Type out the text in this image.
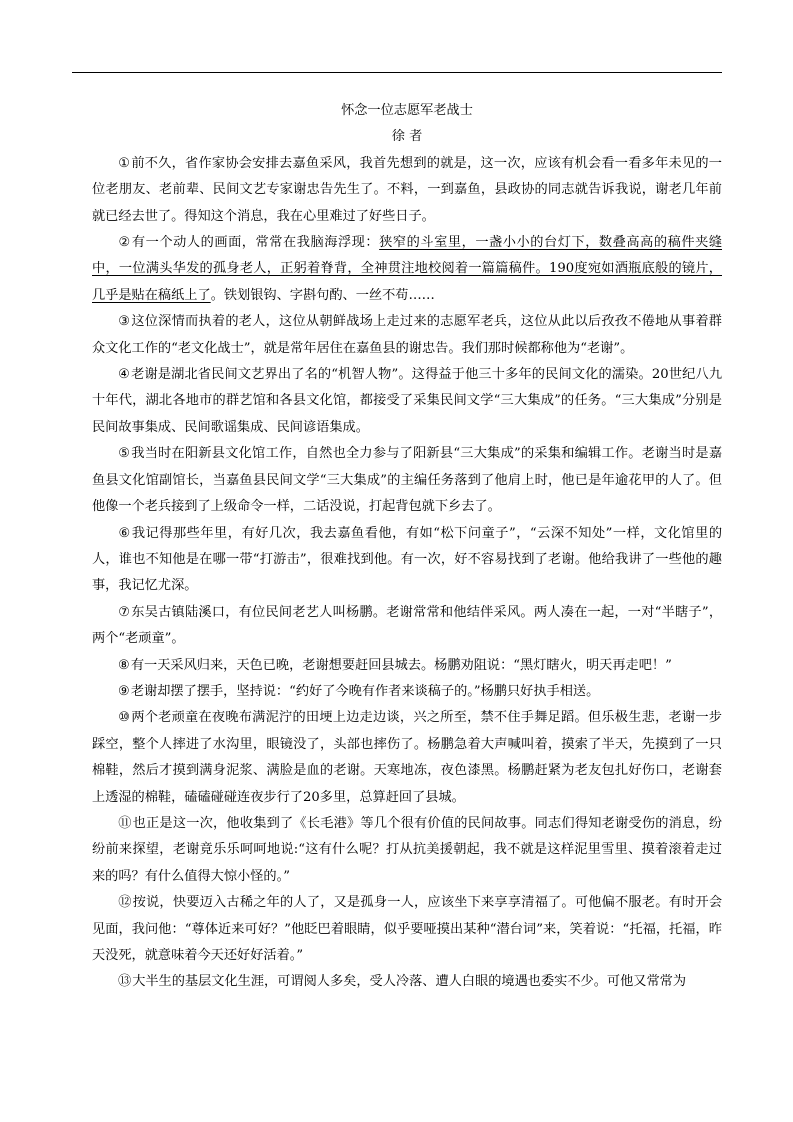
怀念一位志愿军老战士
徐 者
①前不久，省作家协会安排去嘉鱼采风，我首先想到的就是，这一次，应该有机会看一看多年未见的一位老朋友、老前辈、民间文艺专家谢忠告先生了。不料，一到嘉鱼，县政协的同志就告诉我说，谢老几年前就已经去世了。得知这个消息，我在心里难过了好些日子。
②有一个动人的画面，常常在我脑海浮现：狭窄的斗室里，一盏小小的台灯下，数叠高高的稿件夹缝中，一位满头华发的孤身老人，正躬着脊背，全神贯注地校阅着一篇篇稿件。190度宛如酒瓶底般的镜片，几乎是贴在稿纸上了。铁划银钩、字斟句酌、一丝不苟……
③这位深情而执着的老人，这位从朝鲜战场上走过来的志愿军老兵，这位从此以后孜孜不倦地从事着群众文化工作的“老文化战士”，就是常年居住在嘉鱼县的谢忠告。我们那时候都称他为“老谢”。
④老谢是湖北省民间文艺界出了名的“机智人物”。这得益于他三十多年的民间文化的濡染。20世纪八九十年代，湖北各地市的群艺馆和各县文化馆，都接受了采集民间文学“三大集成”的任务。“三大集成”分别是民间故事集成、民间歌谣集成、民间谚语集成。
⑤我当时在阳新县文化馆工作，自然也全力参与了阳新县“三大集成”的采集和编辑工作。老谢当时是嘉鱼县文化馆副馆长，当嘉鱼县民间文学“三大集成”的主编任务落到了他肩上时，他已是年逾花甲的人了。但他像一个老兵接到了上级命令一样，二话没说，打起背包就下乡去了。
⑥我记得那些年里，有好几次，我去嘉鱼看他，有如“松下问童子”，“云深不知处”一样，文化馆里的人，谁也不知他是在哪一带“打游击”，很难找到他。有一次，好不容易找到了老谢。他给我讲了一些他的趣事，我记忆尤深。
⑦东吴古镇陆溪口，有位民间老艺人叫杨鹏。老谢常常和他结伴采风。两人凑在一起，一对“半瞎子”，两个“老顽童”。
⑧有一天采风归来，天色已晚，老谢想要赶回县城去。杨鹏劝阻说：“黑灯瞎火，明天再走吧！”
⑨老谢却摆了摆手，坚持说：“约好了今晚有作者来谈稿子的。”杨鹏只好执手相送。
⑩两个老顽童在夜晚布满泥泞的田埂上边走边谈，兴之所至，禁不住手舞足蹈。但乐极生悲，老谢一步踩空，整个人摔进了水沟里，眼镜没了，头部也摔伤了。杨鹏急着大声喊叫着，摸索了半天，先摸到了一只棉鞋，然后才摸到满身泥浆、满脸是血的老谢。天寒地冻，夜色漆黑。杨鹏赶紧为老友包扎好伤口，老谢套上透湿的棉鞋，磕磕碰碰连夜步行了20多里，总算赶回了县城。
⑪也正是这一次，他收集到了《长毛港》等几个很有价值的民间故事。同志们得知老谢受伤的消息，纷纷前来探望，老谢竟乐乐呵呵地说:“这有什么呢？打从抗美援朝起，我不就是这样泥里雪里、摸着滚着走过来的吗？有什么值得大惊小怪的。”
⑫按说，快要迈入古稀之年的人了，又是孤身一人，应该坐下来享享清福了。可他偏不服老。有时开会见面，我问他：“尊体近来可好？”他眨巴着眼睛，似乎要哑摸出某种“潜台词”来，笑着说：“托福，托福，昨天没死，就意味着今天还好好活着。”
⑬大半生的基层文化生涯，可谓阅人多矣，受人冷落、遭人白眼的境遇也委实不少。可他又常常为
